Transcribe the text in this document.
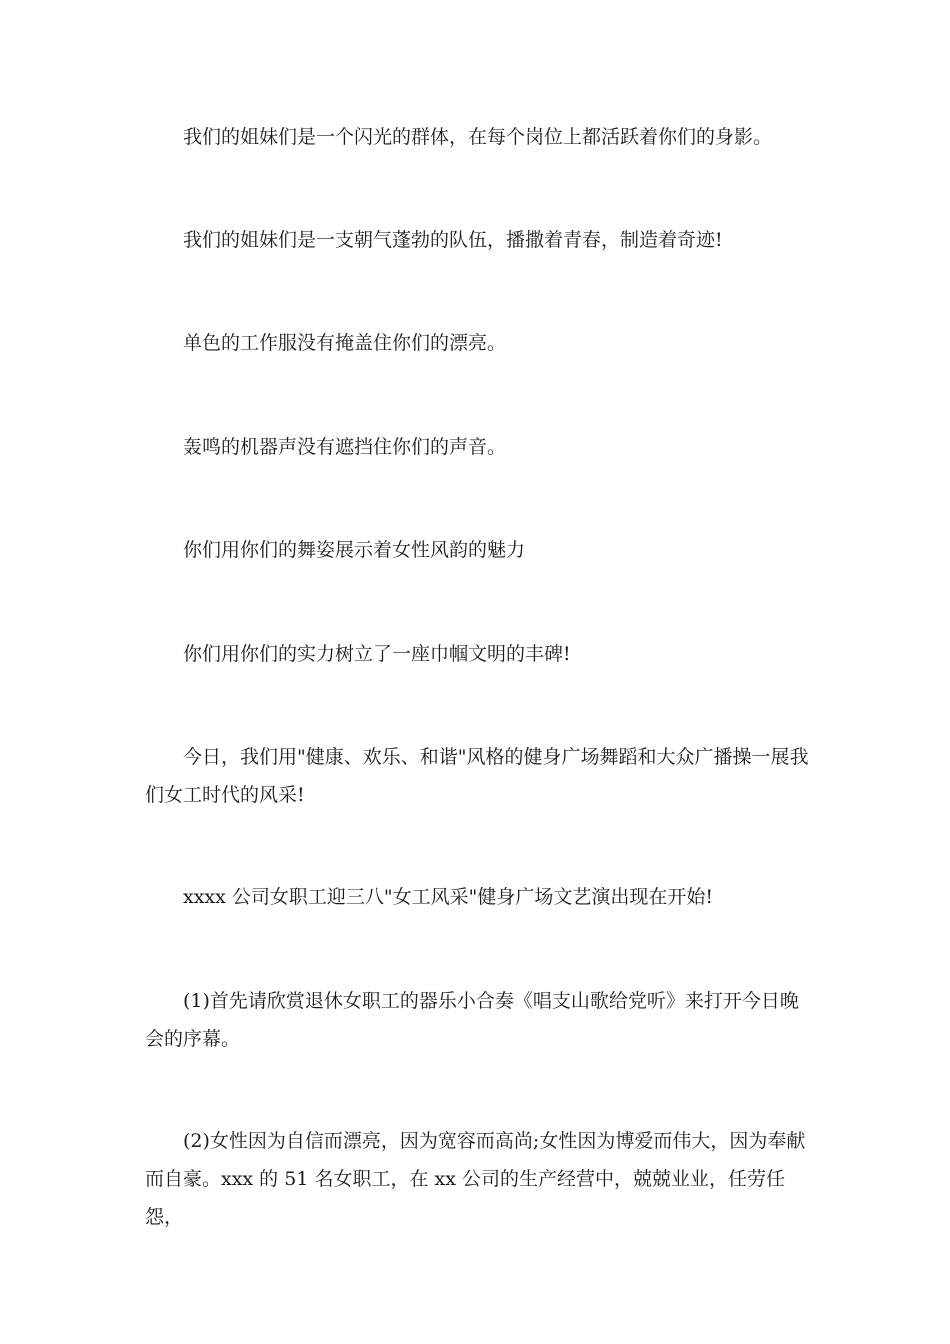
我们的姐妹们是一个闪光的群体，在每个岗位上都活跃着你们的身影。

我们的姐妹们是一支朝气蓬勃的队伍，播撒着青春，制造着奇迹!

单色的工作服没有掩盖住你们的漂亮。

轰鸣的机器声没有遮挡住你们的声音。

你们用你们的舞姿展示着女性风韵的魅力

你们用你们的实力树立了一座巾帼文明的丰碑!

今日，我们用"健康、欢乐、和谐"风格的健身广场舞蹈和大众广播操一展我们女工时代的风采!

xxxx 公司女职工迎三八"女工风采"健身广场文艺演出现在开始!

(1)首先请欣赏退休女职工的器乐小合奏《唱支山歌给党听》来打开今日晚会的序幕。

(2)女性因为自信而漂亮，因为宽容而高尚;女性因为博爱而伟大，因为奉献而自豪。xxx 的 51 名女职工，在 xx 公司的生产经营中，兢兢业业，任劳任怨，
